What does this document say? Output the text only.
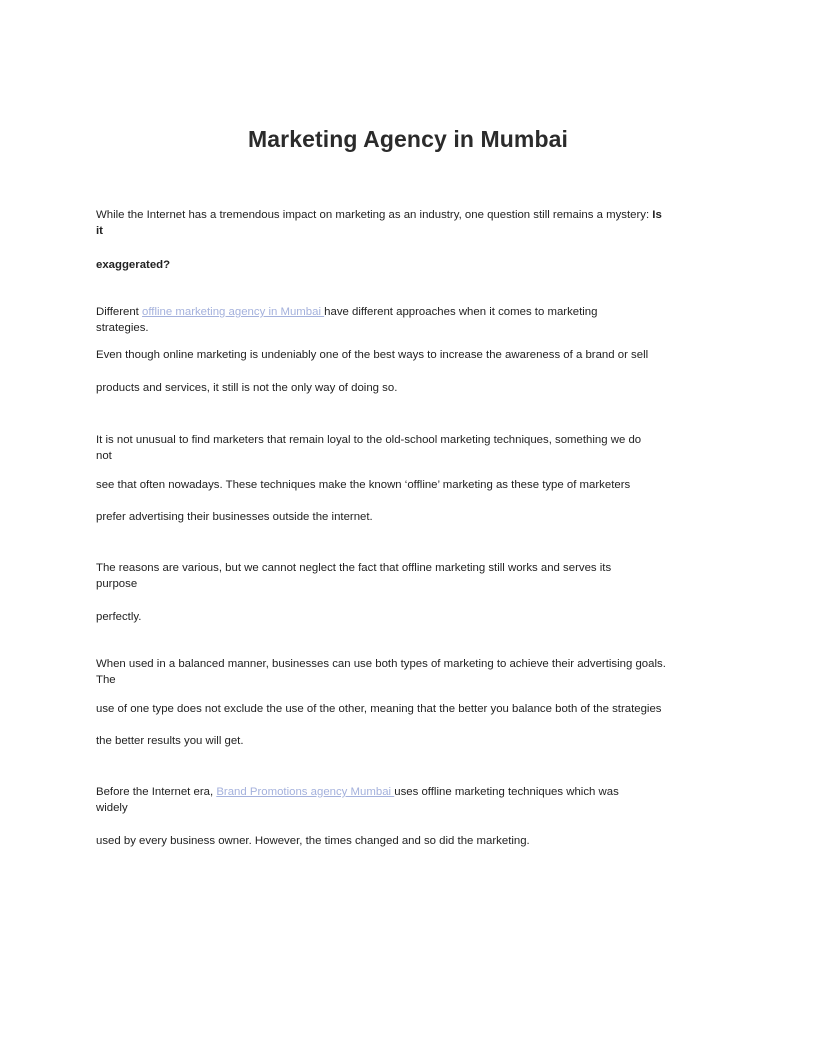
Marketing Agency in Mumbai
While the Internet has a tremendous impact on marketing as an industry, one question still remains a mystery: Is
it
exaggerated?
Different offline marketing agency in Mumbai have different approaches when it comes to marketing
strategies.
Even though online marketing is undeniably one of the best ways to increase the awareness of a brand or sell
products and services, it still is not the only way of doing so.
It is not unusual to find marketers that remain loyal to the old-school marketing techniques, something we do
not
see that often nowadays. These techniques make the known ‘offline’ marketing as these type of marketers
prefer advertising their businesses outside the internet.
The reasons are various, but we cannot neglect the fact that offline marketing still works and serves its
purpose
perfectly.
When used in a balanced manner, businesses can use both types of marketing to achieve their advertising goals.
The
use of one type does not exclude the use of the other, meaning that the better you balance both of the strategies
the better results you will get.
Before the Internet era, Brand Promotions agency Mumbai uses offline marketing techniques which was
widely
used by every business owner. However, the times changed and so did the marketing.
